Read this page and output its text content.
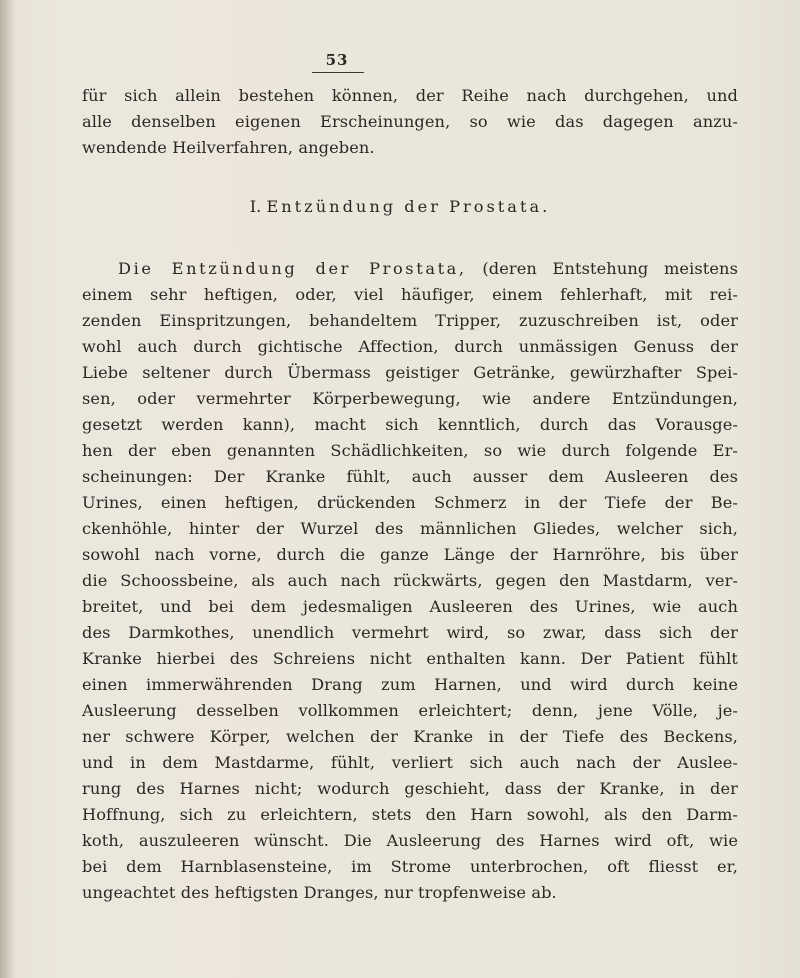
53
für sich allein bestehen können, der Reihe nach durchgehen, und
alle denselben eigenen Erscheinungen, so wie das dagegen anzu-
wendende Heilverfahren, angeben.
I. Entzündung der Prostata.
Die Entzündung der Prostata, (deren Entstehung meistens
einem sehr heftigen, oder, viel häufiger, einem fehlerhaft, mit rei-
zenden Einspritzungen, behandeltem Tripper, zuzuschreiben ist, oder
wohl auch durch gichtische Affection, durch unmässigen Genuss der
Liebe seltener durch Übermass geistiger Getränke, gewürzhafter Spei-
sen, oder vermehrter Körperbewegung, wie andere Entzündungen,
gesetzt werden kann), macht sich kenntlich, durch das Vorausge-
hen der eben genannten Schädlichkeiten, so wie durch folgende Er-
scheinungen: Der Kranke fühlt, auch ausser dem Ausleeren des
Urines, einen heftigen, drückenden Schmerz in der Tiefe der Be-
ckenhöhle, hinter der Wurzel des männlichen Gliedes, welcher sich,
sowohl nach vorne, durch die ganze Länge der Harnröhre, bis über
die Schoossbeine, als auch nach rückwärts, gegen den Mastdarm, ver-
breitet, und bei dem jedesmaligen Ausleeren des Urines, wie auch
des Darmkothes, unendlich vermehrt wird, so zwar, dass sich der
Kranke hierbei des Schreiens nicht enthalten kann. Der Patient fühlt
einen immerwährenden Drang zum Harnen, und wird durch keine
Ausleerung desselben vollkommen erleichtert; denn, jene Völle, je-
ner schwere Körper, welchen der Kranke in der Tiefe des Beckens,
und in dem Mastdarme, fühlt, verliert sich auch nach der Auslee-
rung des Harnes nicht; wodurch geschieht, dass der Kranke, in der
Hoffnung, sich zu erleichtern, stets den Harn sowohl, als den Darm-
koth, auszuleeren wünscht. Die Ausleerung des Harnes wird oft, wie
bei dem Harnblasensteine, im Strome unterbrochen, oft fliesst er,
ungeachtet des heftigsten Dranges, nur tropfenweise ab.
